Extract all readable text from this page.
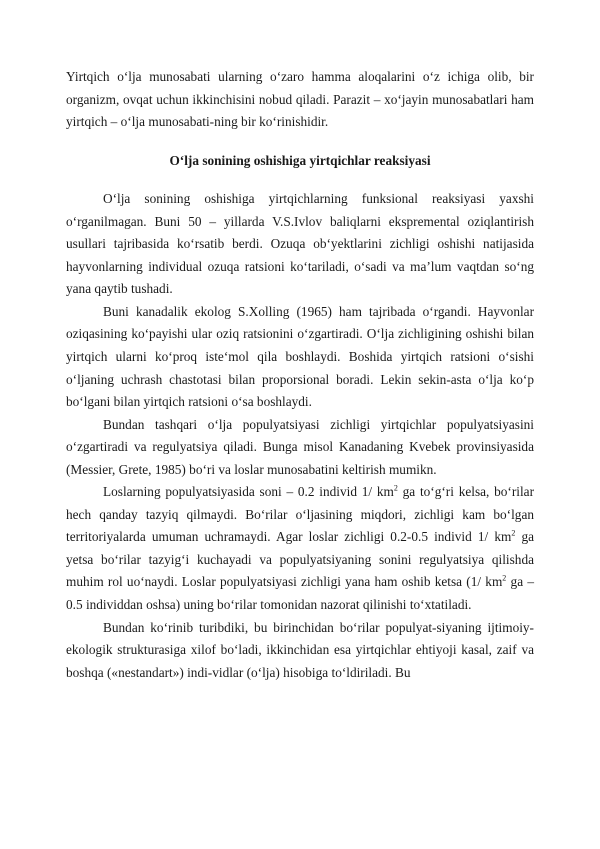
Yirtqich oʻlja munosabati ularning oʻzaro hamma aloqalarini oʻz ichiga olib, bir organizm, ovqat uchun ikkinchisini nobud qiladi. Parazit – xoʻjayin munosabatlari ham yirtqich – oʻlja munosabati-ning bir koʻrinishidir.

Oʻlja sonining oshishiga yirtqichlar reaksiyasi

Oʻlja sonining oshishiga yirtqichlarning funksional reaksiyasi yaxshi oʻrganilmagan. Buni 50 – yillarda V.S.Ivlov baliqlarni ekspremental oziqlantirish usullari tajribasida koʻrsatib berdi. Ozuqa obʻyektlarini zichligi oshishi natijasida hayvonlarning individual ozuqa ratsioni koʻtariladi, oʻsadi va maʼlum vaqtdan soʻng yana qaytib tushadi.

Buni kanadalik ekolog S.Xolling (1965) ham tajribada oʻrgandi. Hayvonlar oziqasining koʻpayishi ular oziq ratsionini oʻzgartiradi. Oʻlja zichligining oshishi bilan yirtqich ularni koʻproq isteʻmol qila boshlaydi. Boshida yirtqich ratsioni oʻsishi oʻljaning uchrash chastotasi bilan proporsional boradi. Lekin sekin-asta oʻlja koʻp boʻlgani bilan yirtqich ratsioni oʻsa boshlaydi.

Bundan tashqari oʻlja populyatsiyasi zichligi yirtqichlar populyatsiyasini oʻzgartiradi va regulyatsiya qiladi. Bunga misol Kanadaning Kvebek provinsiyasida (Messier, Grete, 1985) boʻri va loslar munosabatini keltirish mumikn.

Loslarning populyatsiyasida soni – 0.2 individ 1/ $km^2$ ga toʻgʻri kelsa, boʻrilar hech qanday tazyiq qilmaydi. Boʻrilar oʻljasining miqdori, zichligi kam boʻlgan territoriyalarda umuman uchramaydi. Agar loslar zichligi 0.2-0.5 individ 1/ $km^2$ ga yetsa boʻrilar tazyigʻi kuchayadi va populyatsiyaning sonini regulyatsiya qilishda muhim rol uoʻnaydi. Loslar populyatsiyasi zichligi yana ham oshib ketsa (1/ $km^2$ ga – 0.5 individdan oshsa) uning boʻrilar tomonidan nazorat qilinishi toʻxtatiladi.

Bundan koʻrinib turibdiki, bu birinchidan boʻrilar populyat-siyaning ijtimoiy-ekologik strukturasiga xilof boʻladi, ikkinchidan esa yirtqichlar ehtiyoji kasal, zaif va boshqa («nestandart») indi-vidlar (oʻlja) hisobiga toʻldiriladi. Bu
